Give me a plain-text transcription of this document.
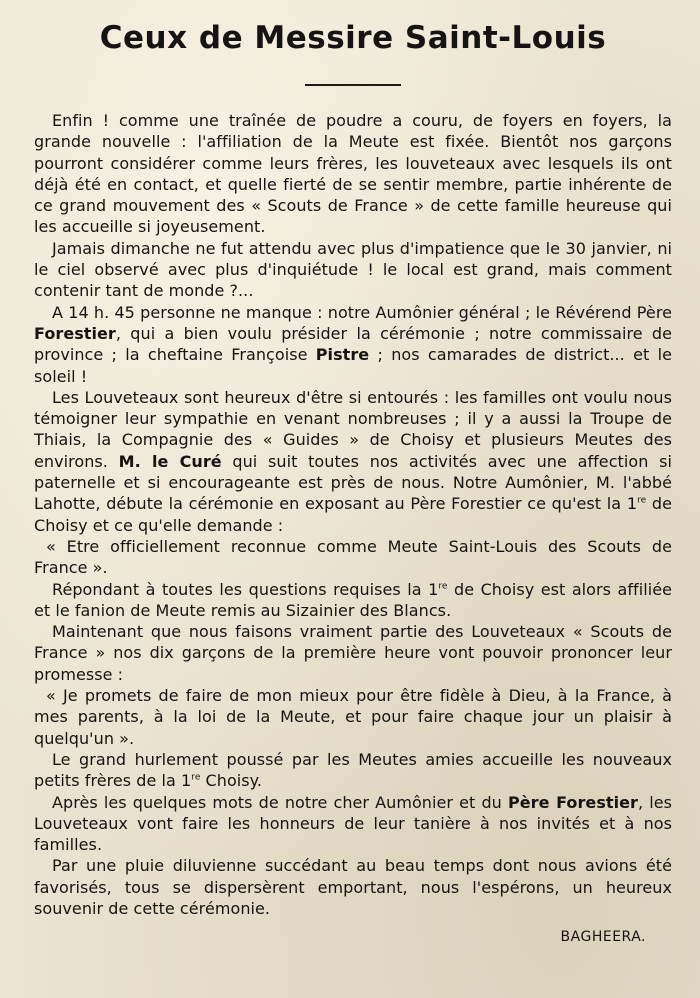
Ceux de Messire Saint-Louis

Enfin ! comme une traînée de poudre a couru, de foyers en foyers, la grande nouvelle : l'affiliation de la Meute est fixée. Bientôt nos garçons pourront considérer comme leurs frères, les louveteaux avec lesquels ils ont déjà été en contact, et quelle fierté de se sentir membre, partie inhérente de ce grand mouvement des « Scouts de France » de cette famille heureuse qui les accueille si joyeusement.

Jamais dimanche ne fut attendu avec plus d'impatience que le 30 janvier, ni le ciel observé avec plus d'inquiétude ! le local est grand, mais comment contenir tant de monde ?...

A 14 h. 45 personne ne manque : notre Aumônier général ; le Révérend Père Forestier, qui a bien voulu présider la cérémonie ; notre commissaire de province ; la cheftaine Françoise Pistre ; nos camarades de district... et le soleil !

Les Louveteaux sont heureux d'être si entourés : les familles ont voulu nous témoigner leur sympathie en venant nombreuses ; il y a aussi la Troupe de Thiais, la Compagnie des « Guides » de Choisy et plusieurs Meutes des environs. M. le Curé qui suit toutes nos activités avec une affection si paternelle et si encourageante est près de nous. Notre Aumônier, M. l'abbé Lahotte, débute la cérémonie en exposant au Père Forestier ce qu'est la 1re de Choisy et ce qu'elle demande :

« Etre officiellement reconnue comme Meute Saint-Louis des Scouts de France ».

Répondant à toutes les questions requises la 1re de Choisy est alors affiliée et le fanion de Meute remis au Sizainier des Blancs.

Maintenant que nous faisons vraiment partie des Louveteaux « Scouts de France » nos dix garçons de la première heure vont pouvoir prononcer leur promesse :

« Je promets de faire de mon mieux pour être fidèle à Dieu, à la France, à mes parents, à la loi de la Meute, et pour faire chaque jour un plaisir à quelqu'un ».

Le grand hurlement poussé par les Meutes amies accueille les nouveaux petits frères de la 1re Choisy.

Après les quelques mots de notre cher Aumônier et du Père Forestier, les Louveteaux vont faire les honneurs de leur tanière à nos invités et à nos familles.

Par une pluie diluvienne succédant au beau temps dont nous avions été favorisés, tous se dispersèrent emportant, nous l'espérons, un heureux souvenir de cette cérémonie.

BAGHEERA.
